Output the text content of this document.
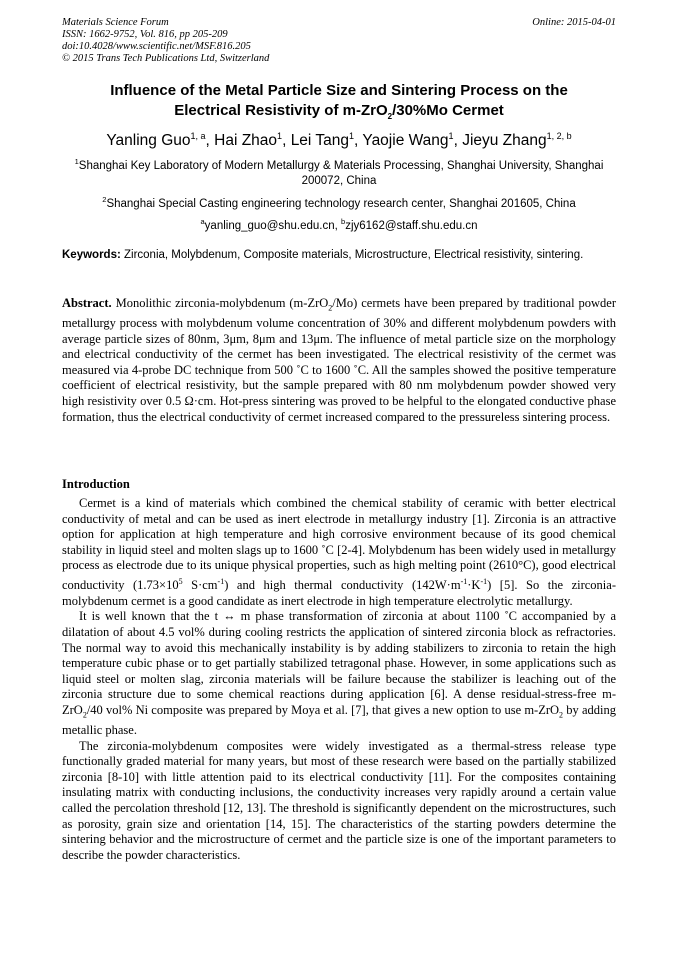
Materials Science Forum
ISSN: 1662-9752, Vol. 816, pp 205-209
doi:10.4028/www.scientific.net/MSF.816.205
© 2015 Trans Tech Publications Ltd, Switzerland
Online: 2015-04-01
Influence of the Metal Particle Size and Sintering Process on the
Electrical Resistivity of m-ZrO$_2$/30%Mo Cermet
Yanling Guo$^{1, a}$, Hai Zhao$^1$, Lei Tang$^1$, Yaojie Wang$^1$, Jieyu Zhang$^{1, 2, b}$
$^1$Shanghai Key Laboratory of Modern Metallurgy & Materials Processing, Shanghai University, Shanghai 200072, China
$^2$Shanghai Special Casting engineering technology research center, Shanghai 201605, China
$^a$yanling_guo@shu.edu.cn, $^b$zjy6162@staff.shu.edu.cn
Keywords: Zirconia, Molybdenum, Composite materials, Microstructure, Electrical resistivity, sintering.
Abstract. Monolithic zirconia-molybdenum (m-ZrO$_2$/Mo) cermets have been prepared by traditional powder metallurgy process with molybdenum volume concentration of 30% and different molybdenum powders with average particle sizes of 80nm, 3μm, 8μm and 13μm. The influence of metal particle size on the morphology and electrical conductivity of the cermet has been investigated. The electrical resistivity of the cermet was measured via 4-probe DC technique from 500 ˚C to 1600 ˚C. All the samples showed the positive temperature coefficient of electrical resistivity, but the sample prepared with 80 nm molybdenum powder showed very high resistivity over 0.5 Ω·cm. Hot-press sintering was proved to be helpful to the elongated conductive phase formation, thus the electrical conductivity of cermet increased compared to the pressureless sintering process.
Introduction

Cermet is a kind of materials which combined the chemical stability of ceramic with better electrical conductivity of metal and can be used as inert electrode in metallurgy industry [1]. Zirconia is an attractive option for application at high temperature and high corrosive environment because of its good chemical stability in liquid steel and molten slags up to 1600 ˚C [2-4]. Molybdenum has been widely used in metallurgy process as electrode due to its unique physical properties, such as high melting point (2610°C), good electrical conductivity ($1.73\times 10^5$ $S\cdot cm^{-1}$) and high thermal conductivity $(142W\cdot m^{-1}\cdot K^{-1})$ [5]. So the zirconia-molybdenum cermet is a good candidate as inert electrode in high temperature electrolytic metallurgy.

It is well known that the t ↔ m phase transformation of zirconia at about 1100 ˚C accompanied by a dilatation of about 4.5 vol% during cooling restricts the application of sintered zirconia block as refractories. The normal way to avoid this mechanically instability is by adding stabilizers to zirconia to retain the high temperature cubic phase or to get partially stabilized tetragonal phase. However, in some applications such as liquid steel or molten slag, zirconia materials will be failure because the stabilizer is leaching out of the zirconia structure due to some chemical reactions during application [6]. A dense residual-stress-free m-ZrO$_2$/40 vol% Ni composite was prepared by Moya et al. [7], that gives a new option to use m-ZrO$_2$ by adding metallic phase.

The zirconia-molybdenum composites were widely investigated as a thermal-stress release type functionally graded material for many years, but most of these research were based on the partially stabilized zirconia [8-10] with little attention paid to its electrical conductivity [11]. For the composites containing insulating matrix with conducting inclusions, the conductivity increases very rapidly around a certain value called the percolation threshold [12, 13]. The threshold is significantly dependent on the microstructures, such as porosity, grain size and orientation [14, 15]. The characteristics of the starting powders determine the sintering behavior and the microstructure of cermet and the particle size is one of the important parameters to describe the powder characteristics.
